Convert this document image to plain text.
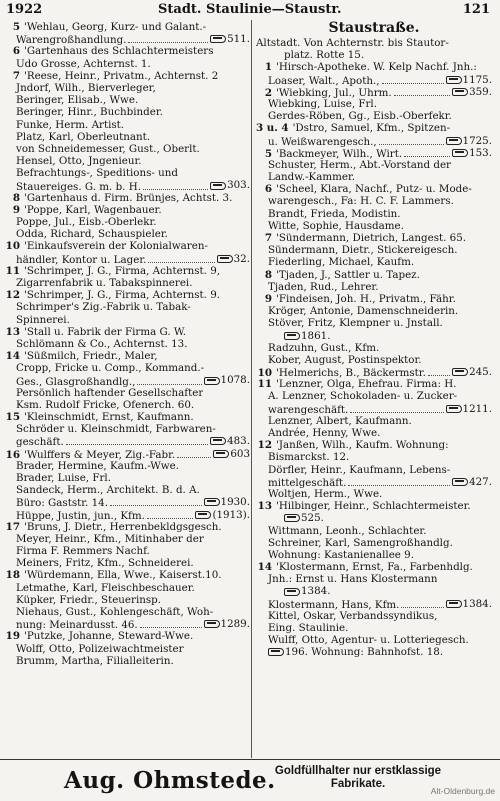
1922	Stadt. Staulinie—Staustr.	121
5 'Wehlau, Georg, Kurz- und Galant.-
Warengroßhandlung.	511.
6 'Gartenhaus des Schlachtermeisters
Udo Grosse, Achternst. 1.
7 'Reese, Heinr., Privatm., Achternst. 2
Jndorf, Wilh., Bierverleger,
Beringer, Elisab., Wwe.
Beringer, Hinr., Buchbinder.
Funke, Herm. Artist.
Platz, Karl, Oberleutnant.
von Schneidemesser, Gust., Oberlt.
Hensel, Otto, Jngenieur.
Befrachtungs-, Speditions- und
Stauereiges. G. m. b. H.	303.
8 'Gartenhaus d. Firm. Brünjes, Achtst. 3.
9 'Poppe, Karl, Wagenbauer.
Poppe, Jul., Eisb.-Oberlekr.
Odda, Richard, Schauspieler.
10 'Einkaufsverein der Kolonialwaren-
händler, Kontor u. Lager.	32.
11 'Schrimper, J. G., Firma, Achternst. 9,
Zigarrenfabrik u. Tabakspinnerei.
12 'Schrimper, J. G., Firma, Achternst. 9.
Schrimper's Zig.-Fabrik u. Tabak-
Spinnerei.
13 'Stall u. Fabrik der Firma G. W.
Schlömann & Co., Achternst. 13.
14 'Süßmilch, Friedr., Maler,
Cropp, Fricke u. Comp., Kommand.-
Ges., Glasgroßhandlg.,	1078.
Persönlich haftender Gesellschafter
Ksm. Rudolf Fricke, Ofenerch. 60.
15 'Kleinschmidt, Ernst, Kaufmann.
Schröder u. Kleinschmidt, Farbwaren-
geschäft.	483.
16 'Wulffers & Meyer, Zig.-Fabr.	603
Brader, Hermine, Kaufm.-Wwe.
Brader, Luise, Frl.
Sandeck, Herm., Architekt. B. d. A.
Büro: Gaststr. 14.	1930.
Hüppe, Justin, jun., Kfm.	(1913).
17 'Bruns, J. Dietr., Herrenbekldgsgesch.
Meyer, Heinr., Kfm., Mitinhaber der
Firma F. Remmers Nachf.
Meiners, Fritz, Kfm., Schneiderei.
18 'Würdemann, Ella, Wwe., Kaiserst.10.
Letmathe, Karl, Fleischbeschauer.
Küpker, Friedr., Steuerinsp.
Niehaus, Gust., Kohlengeschäft, Woh-
nung: Meinardusst. 46.	1289.
19 'Putzke, Johanne, Steward-Wwe.
Wolff, Otto, Polizeiwachtmeister
Brumm, Martha, Filialleiterin.
Staustraße.
Altstadt. Von Achternstr. bis Stautor-
platz. Rotte 15.
1 'Hirsch-Apotheke. W. Kelp Nachf. Jnh.:
Loaser, Walt., Apoth.,	1175.
2 'Wiebking, Jul., Uhrm.	359.
Wiebking, Luise, Frl.
Gerdes-Röben, Gg., Eisb.-Oberfekr.
3 u. 4 'Dstro, Samuel, Kfm., Spitzen-
u. Weißwarengesch.,	1725.
5 'Backmeyer, Wilh., Wirt.	153.
Schuster, Herm., Abt.-Vorstand der
Landw.-Kammer.
6 'Scheel, Klara, Nachf., Putz- u. Mode-
warengesch., Fa: H. C. F. Lammers.
Brandt, Frieda, Modistin.
Witte, Sophie, Hausdame.
7 'Sündermann, Dietrich, Langest. 65.
Sündermann, Dietr., Stickereigesch.
Fiederling, Michael, Kaufm.
8 'Tjaden, J., Sattler u. Tapez.
Tjaden, Rud., Lehrer.
9 'Findeisen, Joh. H., Privatm., Fähr.
Kröger, Antonie, Damenschneiderin.
Stöver, Fritz, Klempner u. Jnstall.
1861.
Radzuhn, Gust., Kfm.
Kober, August, Postinspektor.
10 'Helmerichs, B., Bäckermstr.	245.
11 'Lenzner, Olga, Ehefrau. Firma: H.
A. Lenzner, Schokoladen- u. Zucker-
warengeschäft.	1211.
Lenzner, Albert, Kaufmann.
Andrée, Henny, Wwe.
12 'Janßen, Wilh., Kaufm. Wohnung:
Bismarckst. 12.
Dörfler, Heinr., Kaufmann, Lebens-
mittelgeschäft.	427.
Woltjen, Herm., Wwe.
13 'Hilbinger, Heinr., Schlachtermeister.
525.
Wittmann, Leonh., Schlachter.
Schreiner, Karl, Samengroßhandlg.
Wohnung: Kastanienallee 9.
14 'Klostermann, Ernst, Fa., Farbenhdlg.
Jnh.: Ernst u. Hans Klostermann
1384.
Klostermann, Hans, Kfm.	1384.
Kittel, Oskar, Verbandssyndikus,
Eing. Staulinie.
Wulff, Otto, Agentur- u. Lotteriegesch.
196. Wohnung: Bahnhofst. 18.
Aug. Ohmstede. Goldfüllhalter nur erstklassige
Fabrikate.
Alt-Oldenburg.de
